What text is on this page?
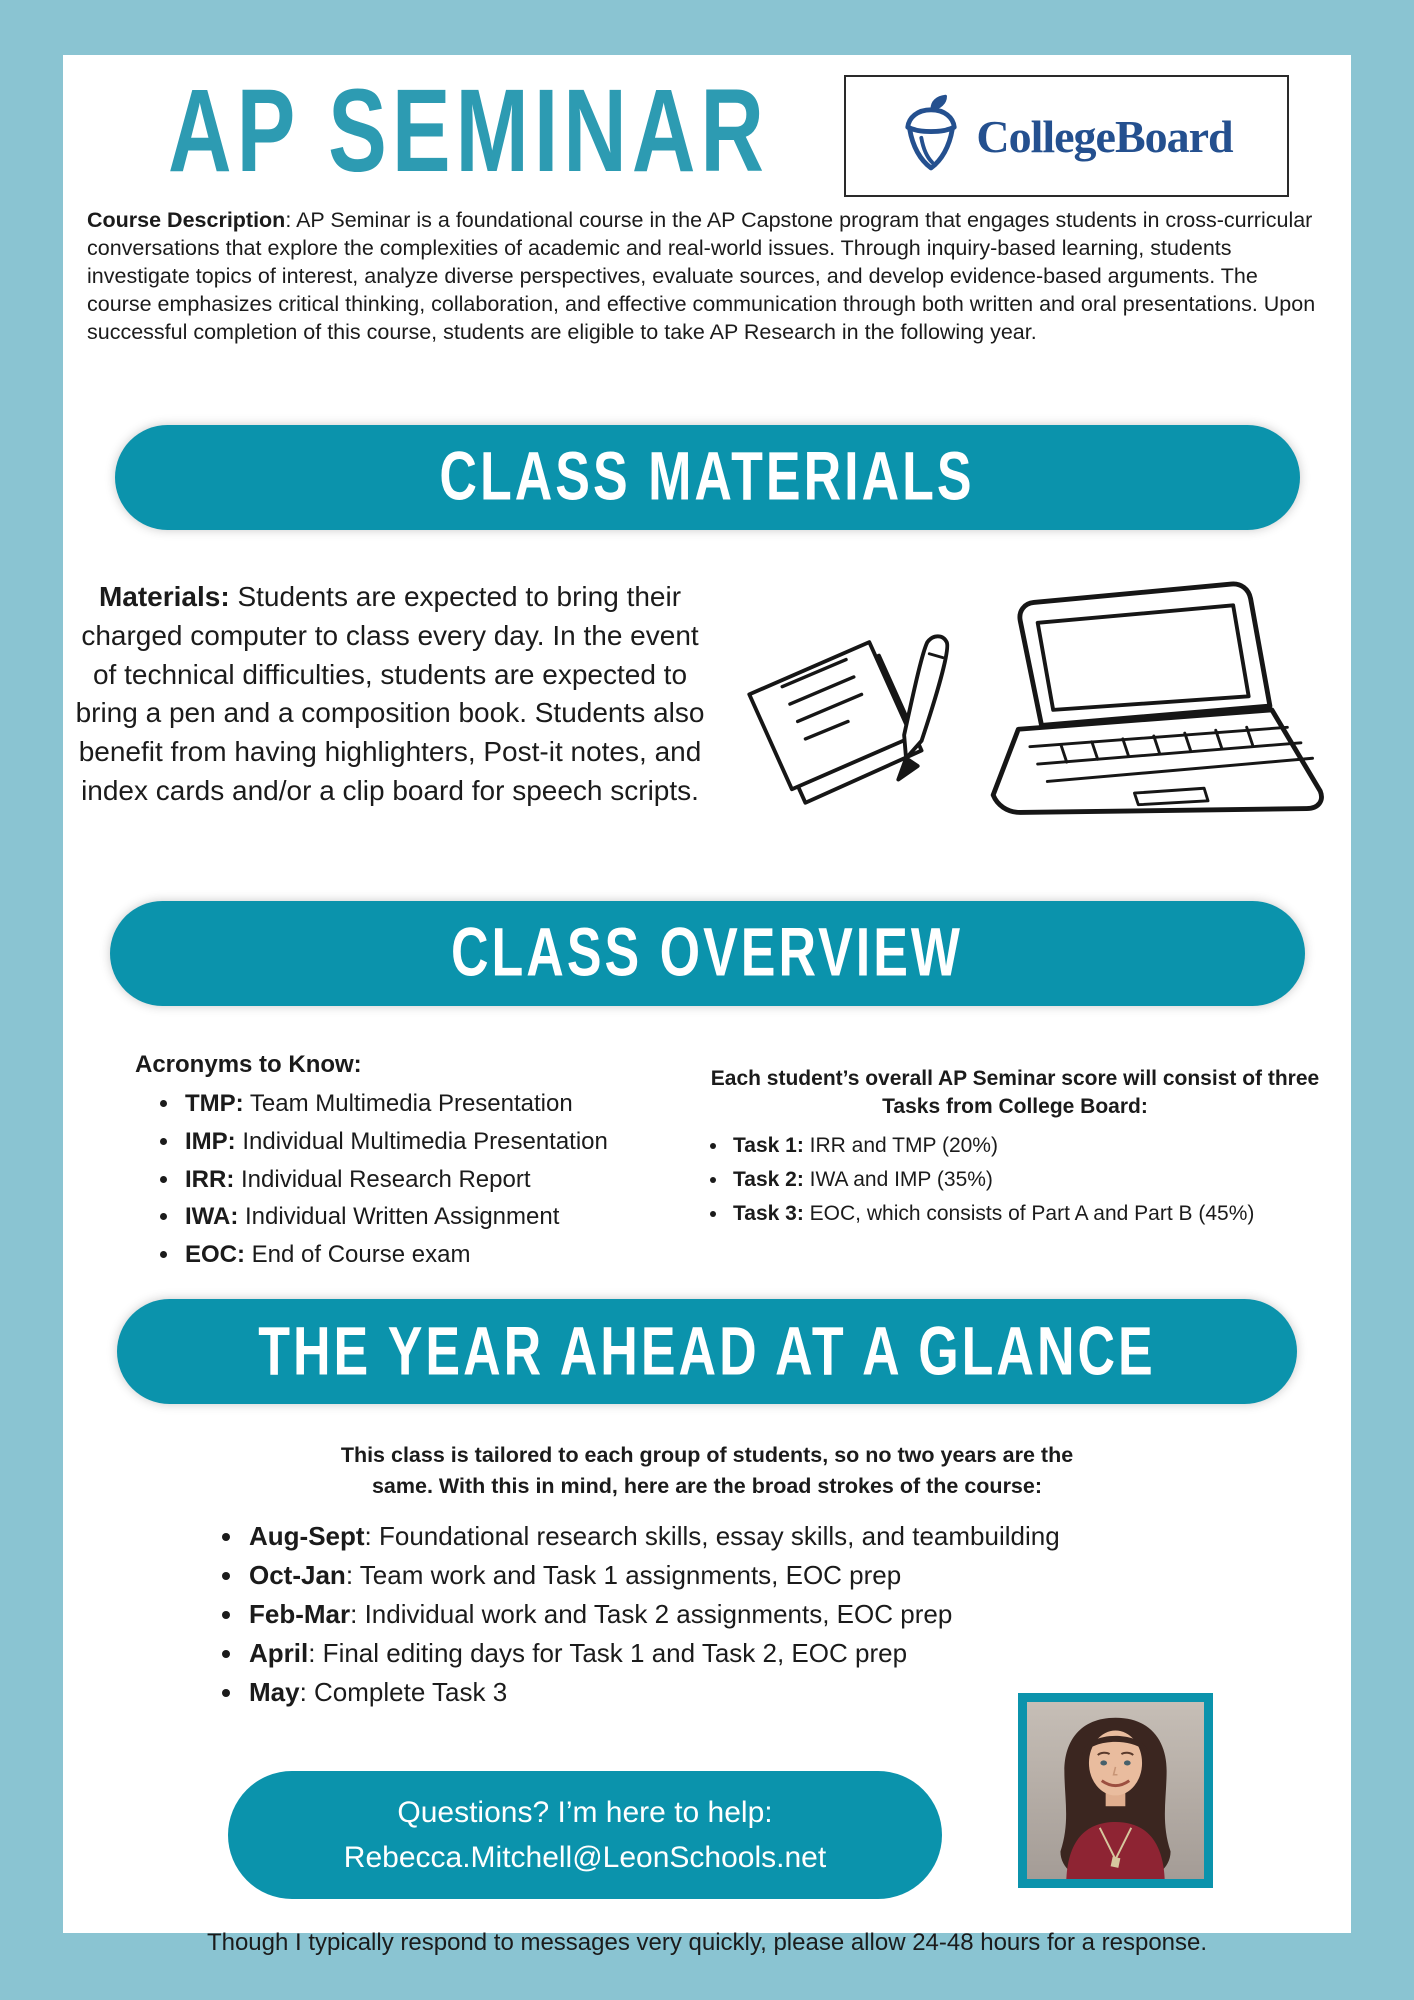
AP SEMINAR	CollegeBoard

Course Description: AP Seminar is a foundational course in the AP Capstone program that engages students in cross-curricular conversations that explore the complexities of academic and real-world issues. Through inquiry-based learning, students investigate topics of interest, analyze diverse perspectives, evaluate sources, and develop evidence-based arguments. The course emphasizes critical thinking, collaboration, and effective communication through both written and oral presentations. Upon successful completion of this course, students are eligible to take AP Research in the following year.

CLASS MATERIALS

Materials: Students are expected to bring their charged computer to class every day. In the event of technical difficulties, students are expected to bring a pen and a composition book. Students also benefit from having highlighters, Post-it notes, and index cards and/or a clip board for speech scripts.

CLASS OVERVIEW
Acronyms to Know:
• TMP: Team Multimedia Presentation
• IMP: Individual Multimedia Presentation
• IRR: Individual Research Report
• IWA: Individual Written Assignment
• EOC: End of Course exam
Each student’s overall AP Seminar score will consist of three Tasks from College Board:
• Task 1: IRR and TMP (20%)
• Task 2: IWA and IMP (35%)
• Task 3: EOC, which consists of Part A and Part B (45%)
THE YEAR AHEAD AT A GLANCE

This class is tailored to each group of students, so no two years are the same. With this in mind, here are the broad strokes of the course:

• Aug-Sept: Foundational research skills, essay skills, and teambuilding
• Oct-Jan: Team work and Task 1 assignments, EOC prep
• Feb-Mar: Individual work and Task 2 assignments, EOC prep
• April: Final editing days for Task 1 and Task 2, EOC prep
• May: Complete Task 3
Questions? I’m here to help:
Rebecca.Mitchell@LeonSchools.net

Though I typically respond to messages very quickly, please allow 24-48 hours for a response.
